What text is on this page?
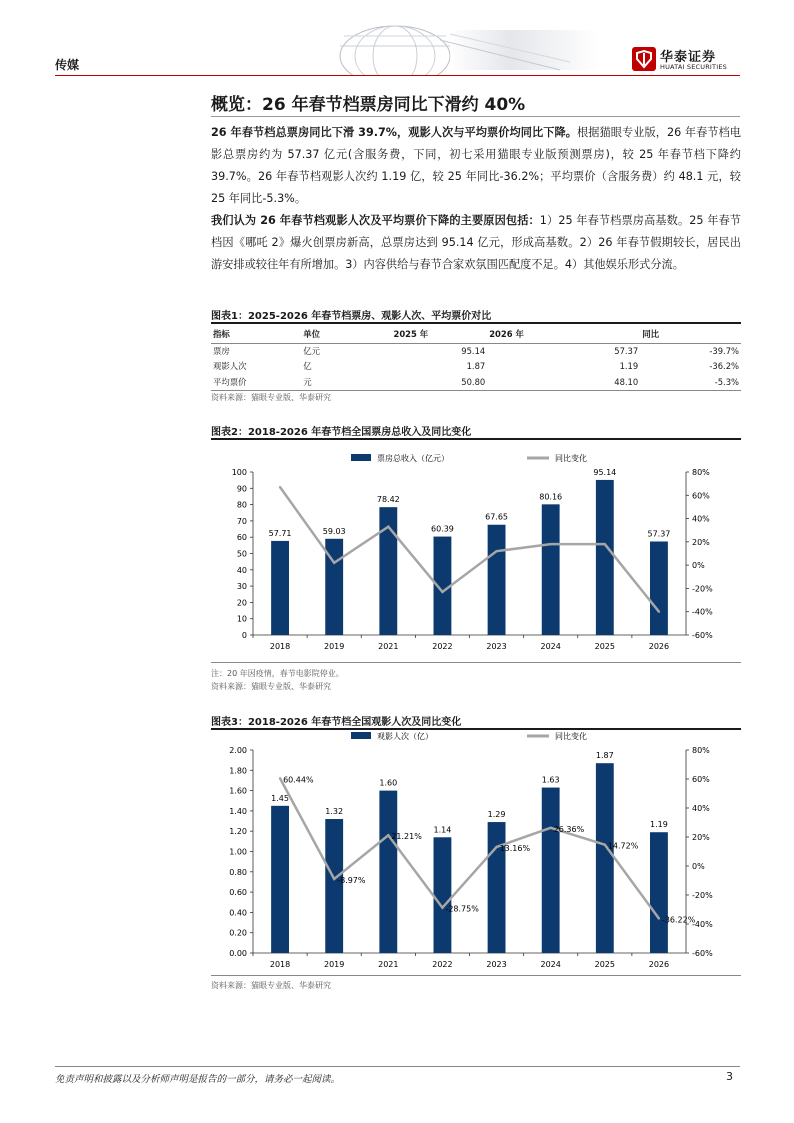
传媒	华泰证券
HUATAI SECURITIES
概览：26 年春节档票房同比下滑约 40%
26 年春节档总票房同比下滑 39.7%，观影人次与平均票价均同比下降。根据猫眼专业版，26 年春节档电影总票房约为 57.37 亿元(含服务费，下同，初七采用猫眼专业版预测票房)，较 25 年春节档下降约 39.7%。26 年春节档观影人次约 1.19 亿，较 25 年同比-36.2%；平均票价（含服务费）约 48.1 元，较 25 年同比-5.3%。
我们认为 26 年春节档观影人次及平均票价下降的主要原因包括：1）25 年春节档票房高基数。25 年春节档因《哪吒 2》爆火创票房新高，总票房达到 95.14 亿元，形成高基数。2）26 年春节假期较长，居民出游安排或较往年有所增加。3）内容供给与春节合家欢氛围匹配度不足。4）其他娱乐形式分流。
图表1：2025-2026 年春节档票房、观影人次、平均票价对比
指标	单位	2025 年	2026 年	同比
票房	亿元	95.14	57.37	-39.7%
观影人次	亿	1.87	1.19	-36.2%
平均票价	元	50.80	48.10	-5.3%
资料来源：猫眼专业版、华泰研究
图表2：2018-2026 年春节档全国票房总收入及同比变化
票房总收入（亿元）	同比变化
0
10
20
30
40
50
60
70
80
90
100
-60%
-40%
-20%
0%
20%
40%
60%
80%
2018	2019	2021	2022	2023	2024	2025	2026
57.71	59.03
78.42
60.39
67.65
80.16
95.14
57.37
注：20 年因疫情，春节电影院停业。
资料来源：猫眼专业版、华泰研究
图表3：2018-2026 年春节档全国观影人次及同比变化
观影人次（亿）	同比变化
0.00
0.20
0.40
0.60
0.80
1.00
1.20
1.40
1.60
1.80
2.00
-60%
-40%
-20%
0%
20%
40%
60%
80%
2018	2019	2021	2022	2023	2024	2025	2026
1.45
1.32
1.60
1.14
1.29
1.63
1.87
1.19
60.44%
-8.97%
21.21%
-28.75%
13.16%
26.36%
14.72%
-36.22%
资料来源：猫眼专业版、华泰研究
免责声明和披露以及分析师声明是报告的一部分，请务必一起阅读。	3
